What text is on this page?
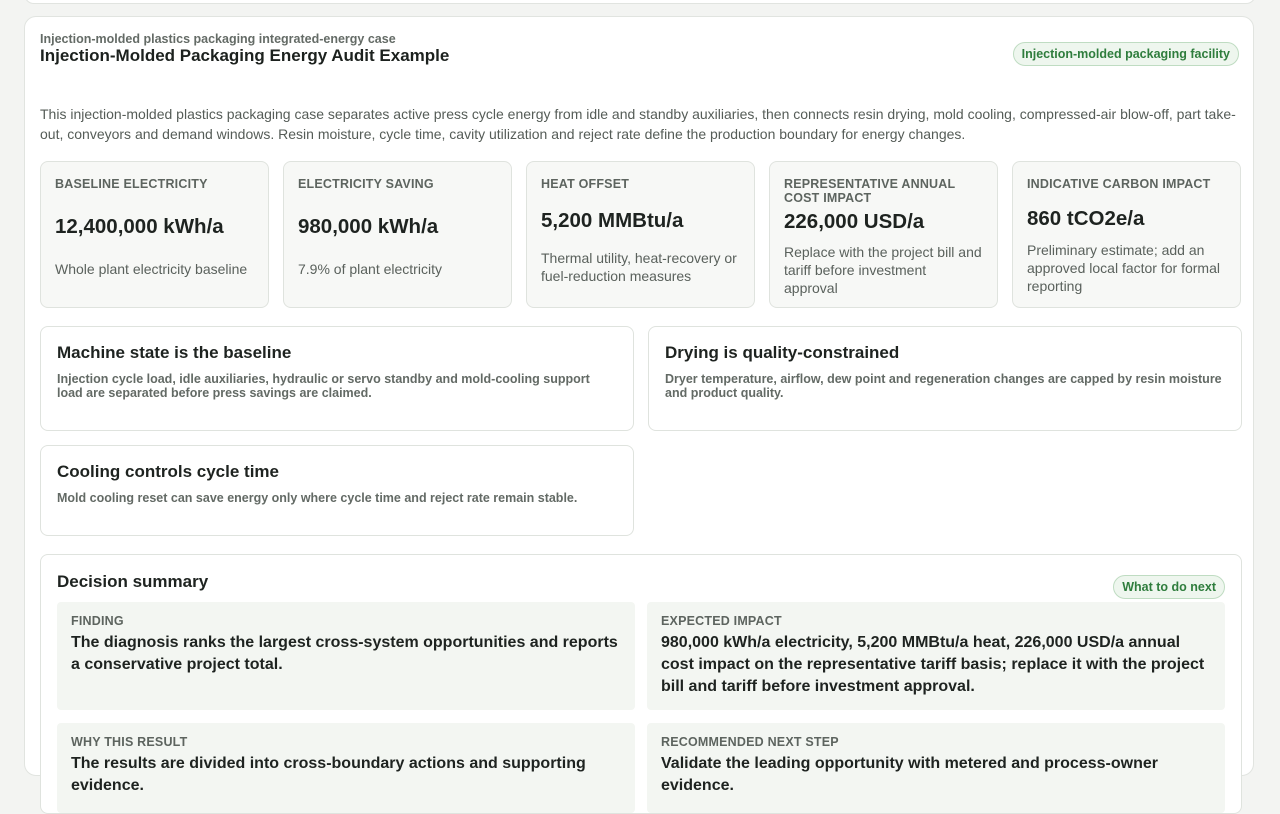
Injection-molded plastics packaging integrated-energy case
Injection-Molded Packaging Energy Audit Example	Injection-molded packaging facility
This injection-molded plastics packaging case separates active press cycle energy from idle and standby auxiliaries, then connects resin drying, mold cooling, compressed-air blow-off, part take-out, conveyors and demand windows. Resin moisture, cycle time, cavity utilization and reject rate define the production boundary for energy changes.
BASELINE ELECTRICITY
12,400,000 kWh/a
Whole plant electricity baseline
ELECTRICITY SAVING
980,000 kWh/a
7.9% of plant electricity
HEAT OFFSET
5,200 MMBtu/a
Thermal utility, heat-recovery or fuel-reduction measures
REPRESENTATIVE ANNUAL COST IMPACT
226,000 USD/a
Replace with the project bill and tariff before investment approval
INDICATIVE CARBON IMPACT
860 tCO2e/a
Preliminary estimate; add an approved local factor for formal reporting
Machine state is the baseline
Injection cycle load, idle auxiliaries, hydraulic or servo standby and mold-cooling support load are separated before press savings are claimed.
Drying is quality-constrained
Dryer temperature, airflow, dew point and regeneration changes are capped by resin moisture and product quality.
Cooling controls cycle time
Mold cooling reset can save energy only where cycle time and reject rate remain stable.
Decision summary	What to do next
FINDING
The diagnosis ranks the largest cross-system opportunities and reports a conservative project total.
EXPECTED IMPACT
980,000 kWh/a electricity, 5,200 MMBtu/a heat, 226,000 USD/a annual cost impact on the representative tariff basis; replace it with the project bill and tariff before investment approval.
WHY THIS RESULT
The results are divided into cross-boundary actions and supporting evidence.
RECOMMENDED NEXT STEP
Validate the leading opportunity with metered and process-owner evidence.
